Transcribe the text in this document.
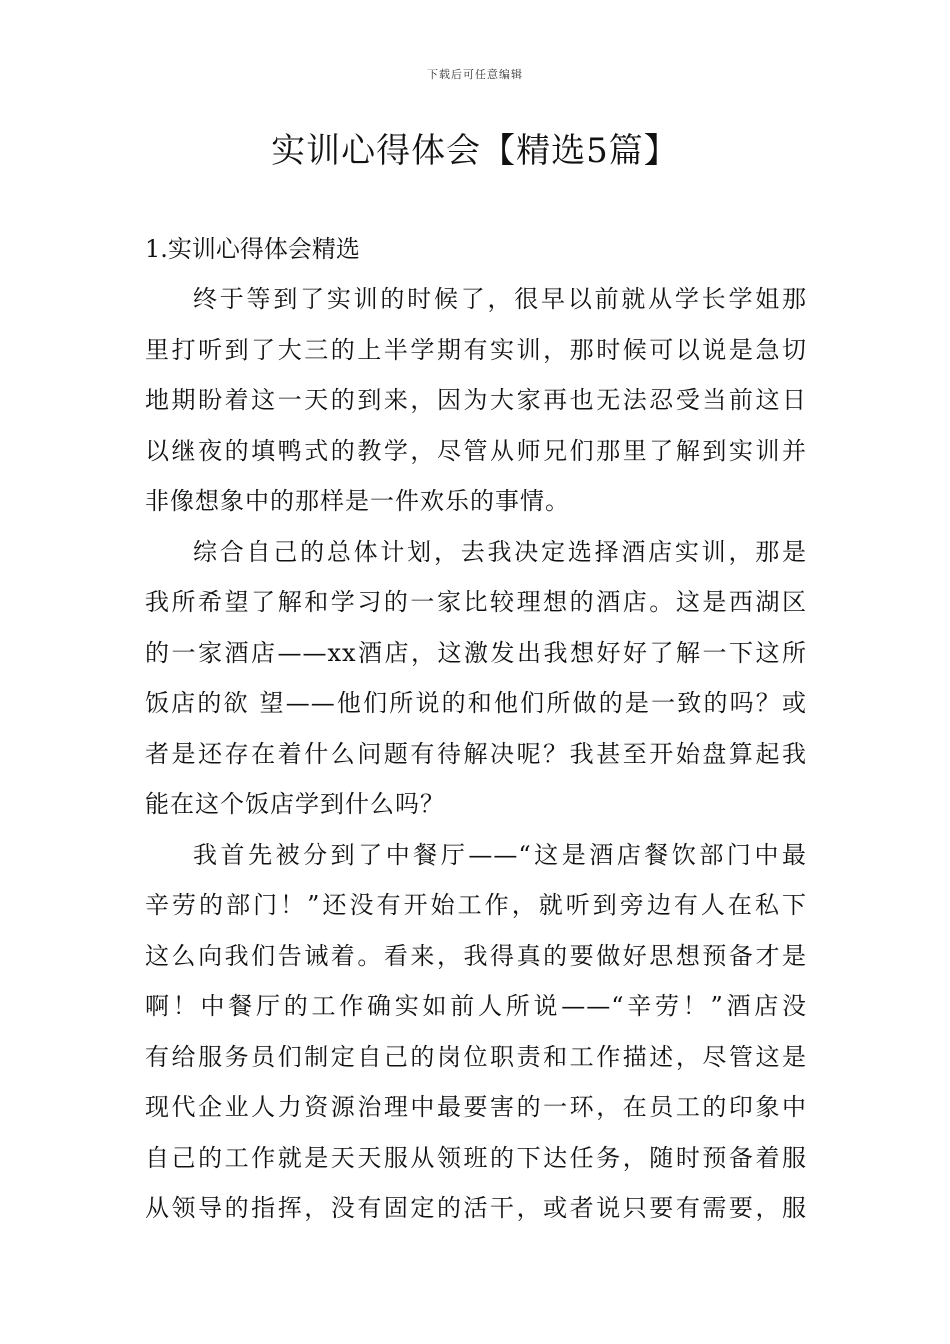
下载后可任意编辑
实训心得体会【精选5篇】
1.实训心得体会精选
终于等到了实训的时候了，很早以前就从学长学姐那
里打听到了大三的上半学期有实训，那时候可以说是急切
地期盼着这一天的到来，因为大家再也无法忍受当前这日
以继夜的填鸭式的教学，尽管从师兄们那里了解到实训并
非像想象中的那样是一件欢乐的事情。
综合自己的总体计划，去我决定选择酒店实训，那是
我所希望了解和学习的一家比较理想的酒店。这是西湖区
的一家酒店——xx酒店，这激发出我想好好了解一下这所
饭店的欲 望——他们所说的和他们所做的是一致的吗？或
者是还存在着什么问题有待解决呢？我甚至开始盘算起我
能在这个饭店学到什么吗？
我首先被分到了中餐厅——“这是酒店餐饮部门中最
辛劳的部门！”还没有开始工作，就听到旁边有人在私下
这么向我们告诫着。看来，我得真的要做好思想预备才是
啊！中餐厅的工作确实如前人所说——“辛劳！”酒店没
有给服务员们制定自己的岗位职责和工作描述，尽管这是
现代企业人力资源治理中最要害的一环，在员工的印象中
自己的工作就是天天服从领班的下达任务，随时预备着服
从领导的指挥，没有固定的活干，或者说只要有需要，服
